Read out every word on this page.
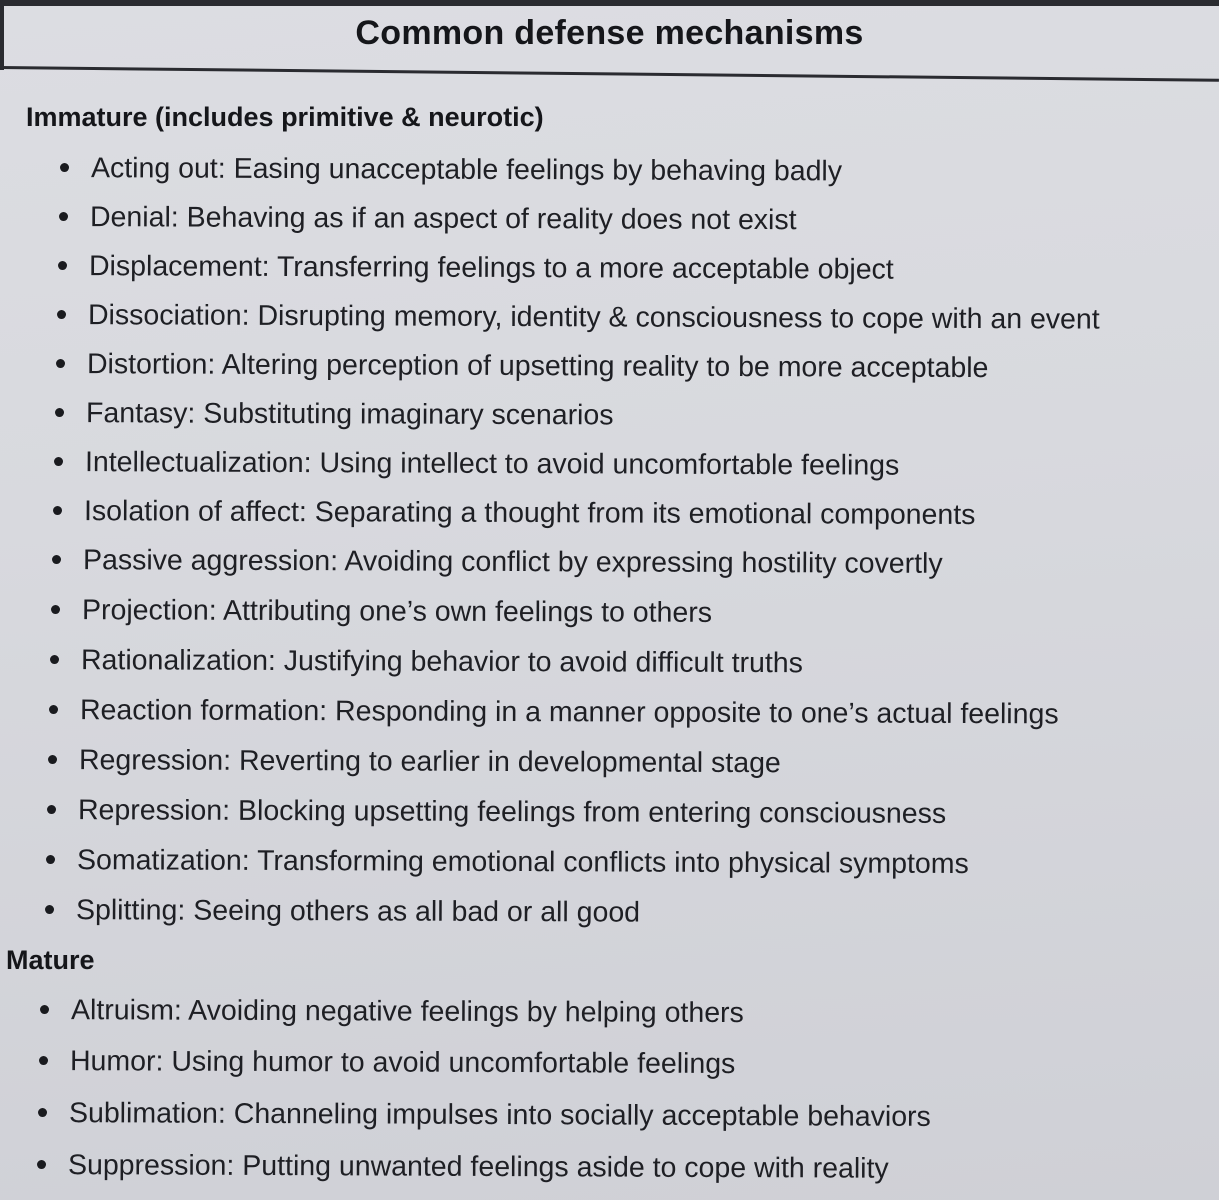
Common defense mechanisms
Immature (includes primitive & neurotic)
Acting out: Easing unacceptable feelings by behaving badly
Denial: Behaving as if an aspect of reality does not exist
Displacement: Transferring feelings to a more acceptable object
Dissociation: Disrupting memory, identity & consciousness to cope with an event
Distortion: Altering perception of upsetting reality to be more acceptable
Fantasy: Substituting imaginary scenarios
Intellectualization: Using intellect to avoid uncomfortable feelings
Isolation of affect: Separating a thought from its emotional components
Passive aggression: Avoiding conflict by expressing hostility covertly
Projection: Attributing one’s own feelings to others
Rationalization: Justifying behavior to avoid difficult truths
Reaction formation: Responding in a manner opposite to one’s actual feelings
Regression: Reverting to earlier in developmental stage
Repression: Blocking upsetting feelings from entering consciousness
Somatization: Transforming emotional conflicts into physical symptoms
Splitting: Seeing others as all bad or all good
Mature
Altruism: Avoiding negative feelings by helping others
Humor: Using humor to avoid uncomfortable feelings
Sublimation: Channeling impulses into socially acceptable behaviors
Suppression: Putting unwanted feelings aside to cope with reality
